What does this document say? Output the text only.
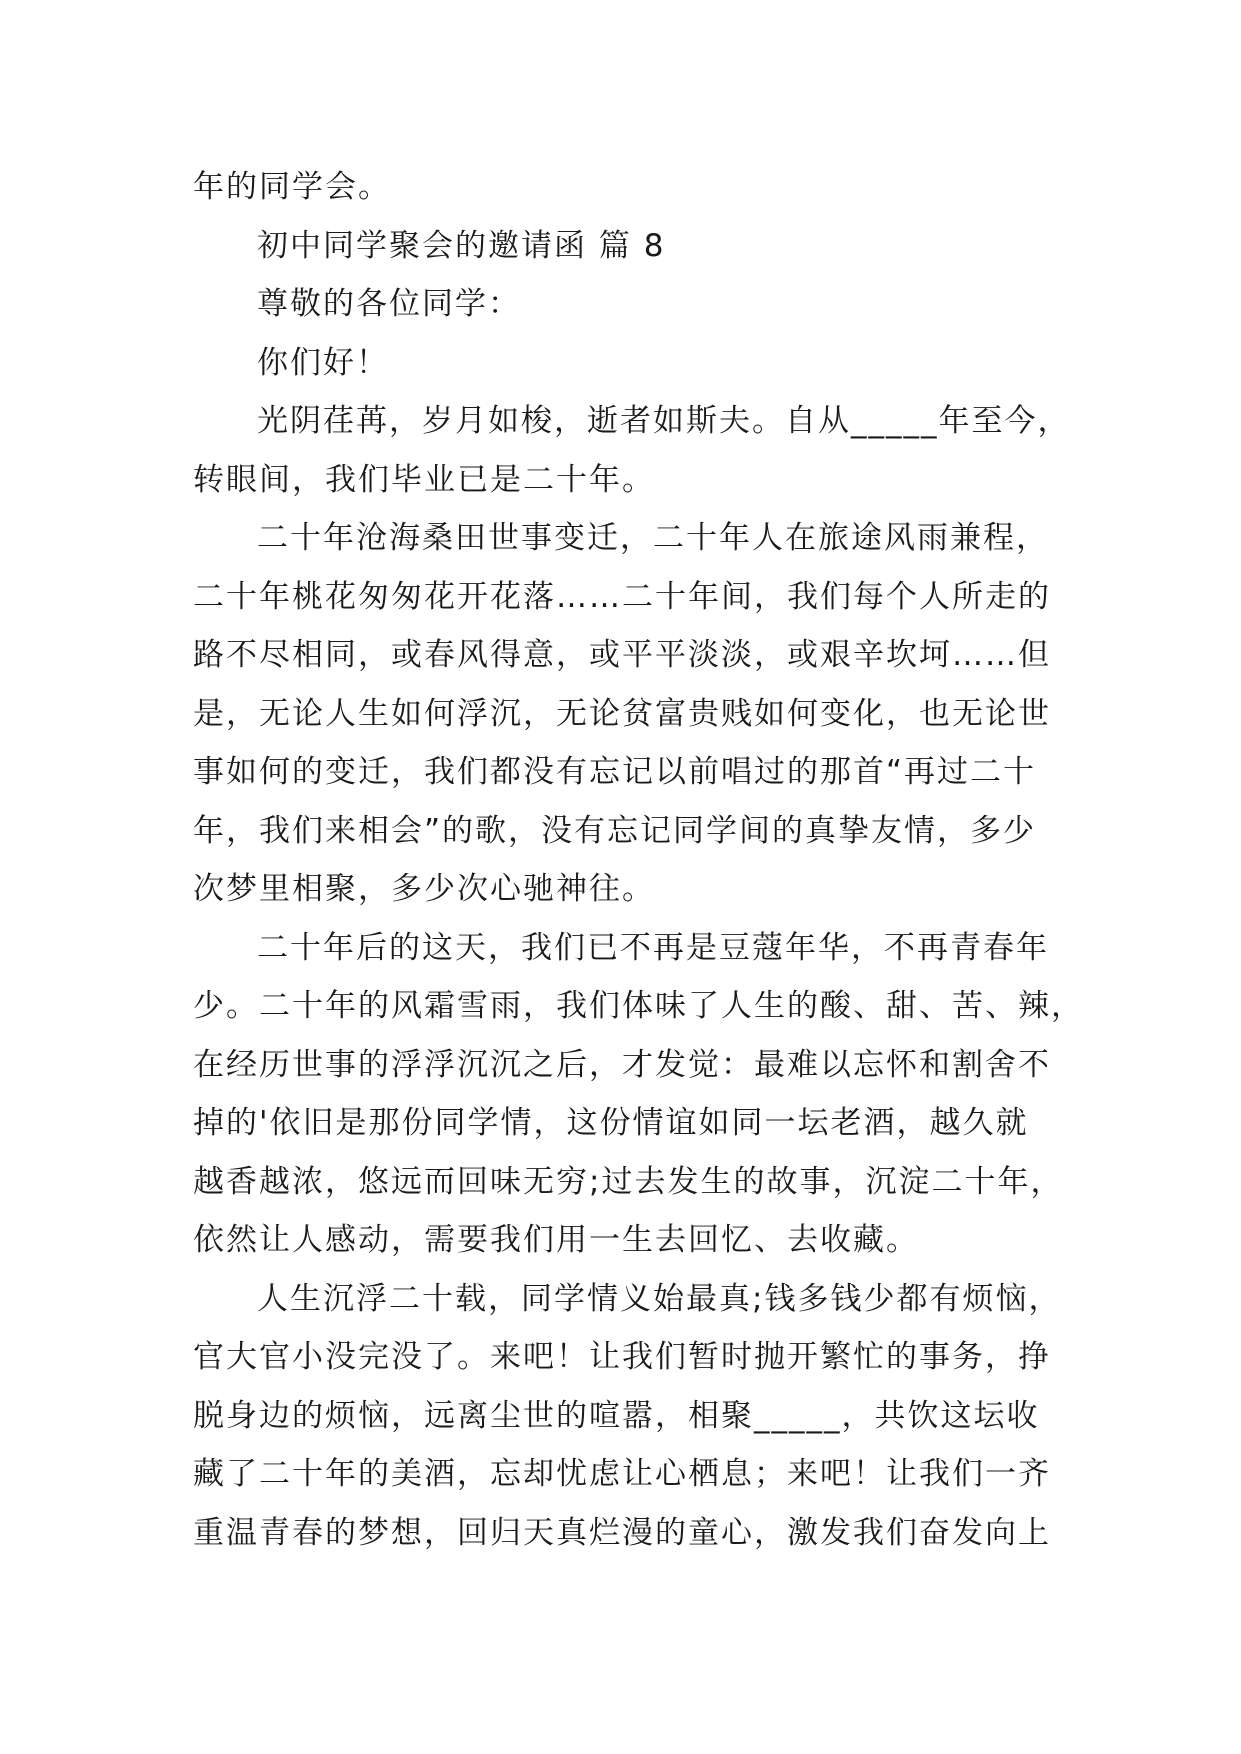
年的同学会。

初中同学聚会的邀请函 篇 8

尊敬的各位同学：

你们好！

光阴荏苒，岁月如梭，逝者如斯夫。自从_____年至今，
转眼间，我们毕业已是二十年。

二十年沧海桑田世事变迁，二十年人在旅途风雨兼程，
二十年桃花匆匆花开花落……二十年间，我们每个人所走的
路不尽相同，或春风得意，或平平淡淡，或艰辛坎坷……但
是，无论人生如何浮沉，无论贫富贵贱如何变化，也无论世
事如何的变迁，我们都没有忘记以前唱过的那首“再过二十
年，我们来相会”的歌，没有忘记同学间的真挚友情，多少
次梦里相聚，多少次心驰神往。

二十年后的这天，我们已不再是豆蔻年华，不再青春年
少。二十年的风霜雪雨，我们体味了人生的酸、甜、苦、辣，
在经历世事的浮浮沉沉之后，才发觉：最难以忘怀和割舍不
掉的'依旧是那份同学情，这份情谊如同一坛老酒，越久就
越香越浓，悠远而回味无穷;过去发生的故事，沉淀二十年，
依然让人感动，需要我们用一生去回忆、去收藏。

人生沉浮二十载，同学情义始最真;钱多钱少都有烦恼，
官大官小没完没了。来吧！让我们暂时抛开繁忙的事务，挣
脱身边的烦恼，远离尘世的喧嚣，相聚_____，共饮这坛收
藏了二十年的美酒，忘却忧虑让心栖息；来吧！让我们一齐
重温青春的梦想，回归天真烂漫的童心，激发我们奋发向上
